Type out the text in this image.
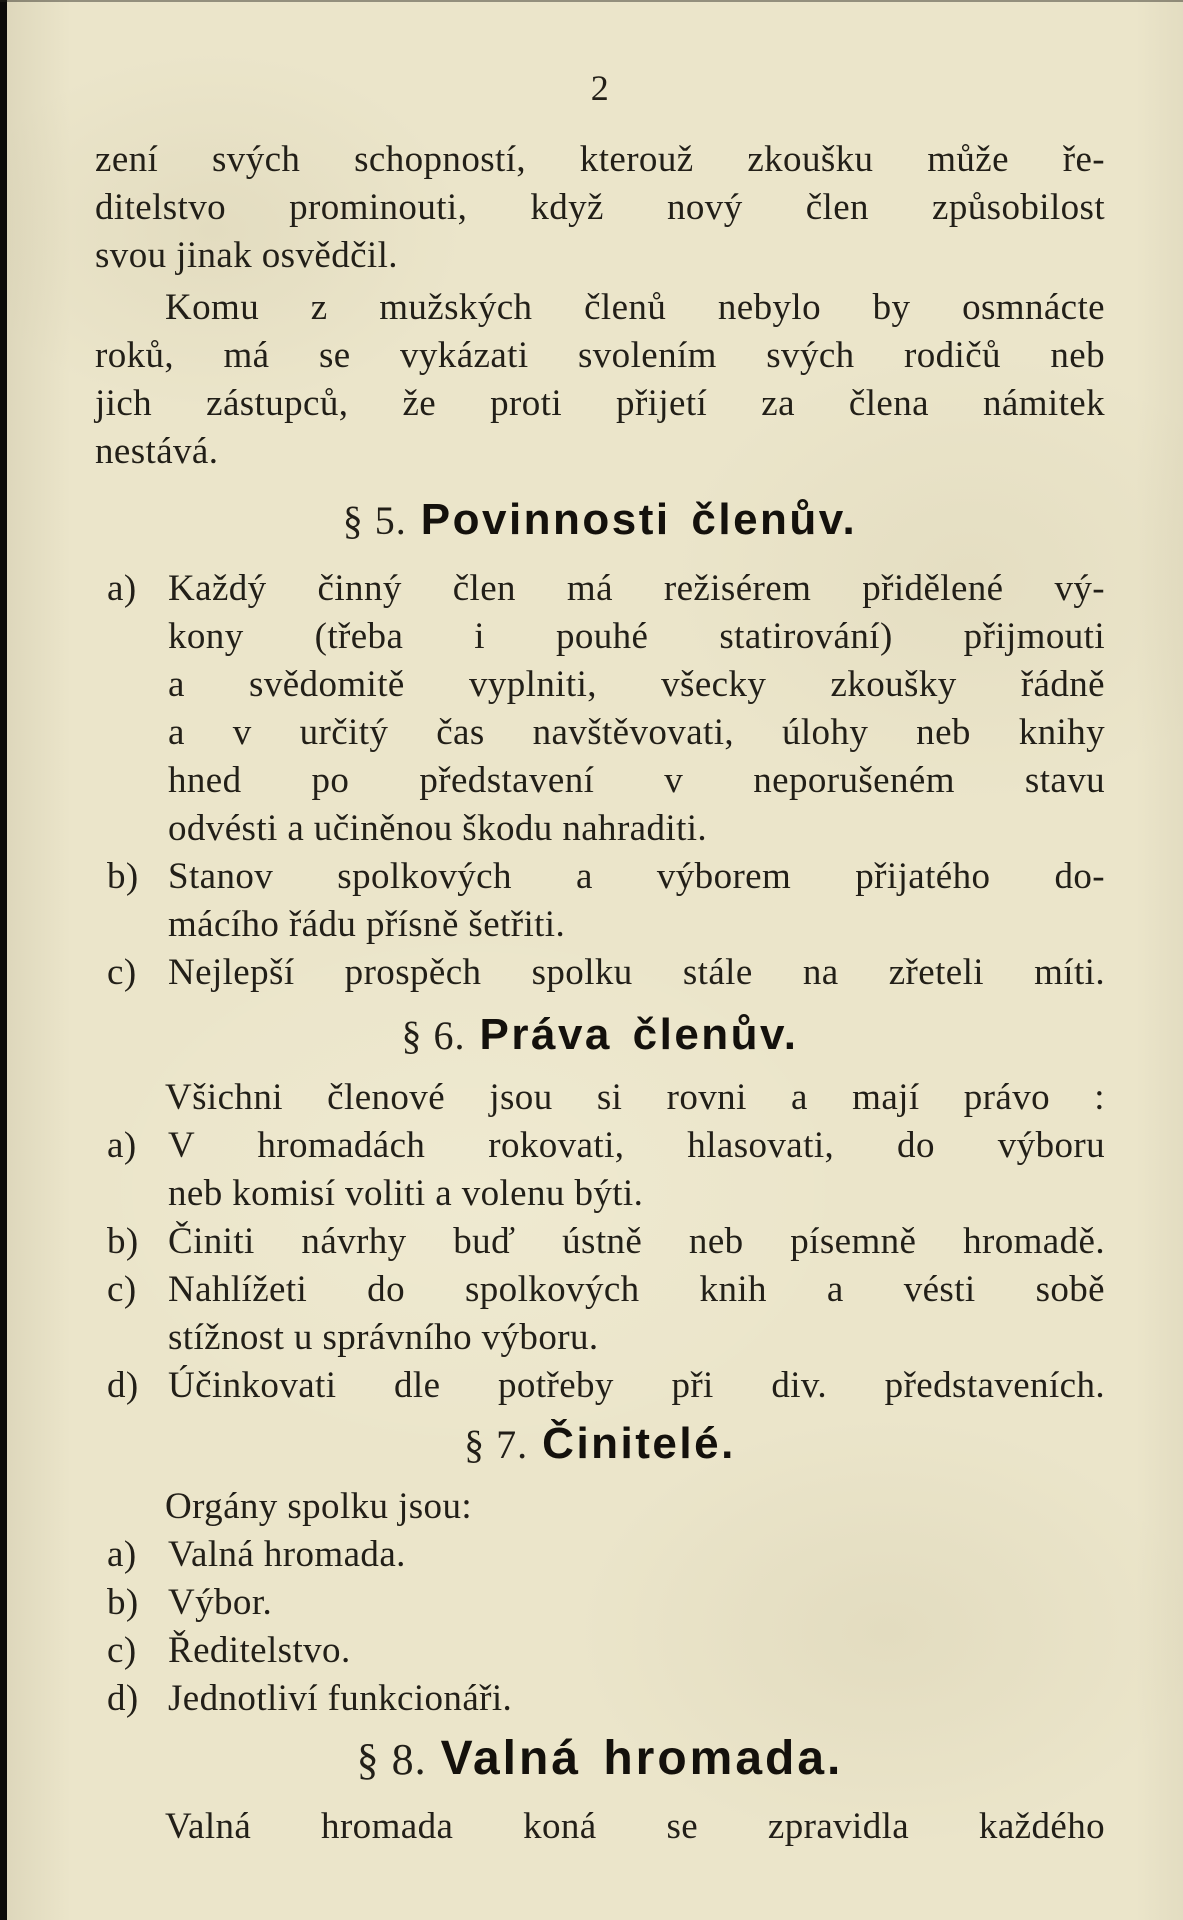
2
zení svých schopností, kterouž zkoušku může ře-
ditelstvo prominouti, když nový člen způsobilost
svou jinak osvědčil.
Komu z mužských členů nebylo by osmnácte
roků, má se vykázati svolením svých rodičů neb
jich zástupců, že proti přijetí za člena námitek
nestává.
§ 5. Povinnosti členův.
a) Každý činný člen má režisérem přidělené vý-
kony (třeba i pouhé statirování) přijmouti
a svědomitě vyplniti, všecky zkoušky řádně
a v určitý čas navštěvovati, úlohy neb knihy
hned po představení v neporušeném stavu
odvésti a učiněnou škodu nahraditi.
b) Stanov spolkových a výborem přijatého do-
mácího řádu přísně šetřiti.
c) Nejlepší prospěch spolku stále na zřeteli míti.
§ 6. Práva členův.
Všichni členové jsou si rovni a mají právo :
a) V hromadách rokovati, hlasovati, do výboru
neb komisí voliti a volenu býti.
b) Činiti návrhy buď ústně neb písemně hromadě.
c) Nahlížeti do spolkových knih a vésti sobě
stížnost u správního výboru.
d) Účinkovati dle potřeby při div. představeních.
§ 7. Činitelé.
Orgány spolku jsou:
a) Valná hromada.
b) Výbor.
c) Ředitelstvo.
d) Jednotliví funkcionáři.
§ 8. Valná hromada.
Valná hromada koná se zpravidla každého
